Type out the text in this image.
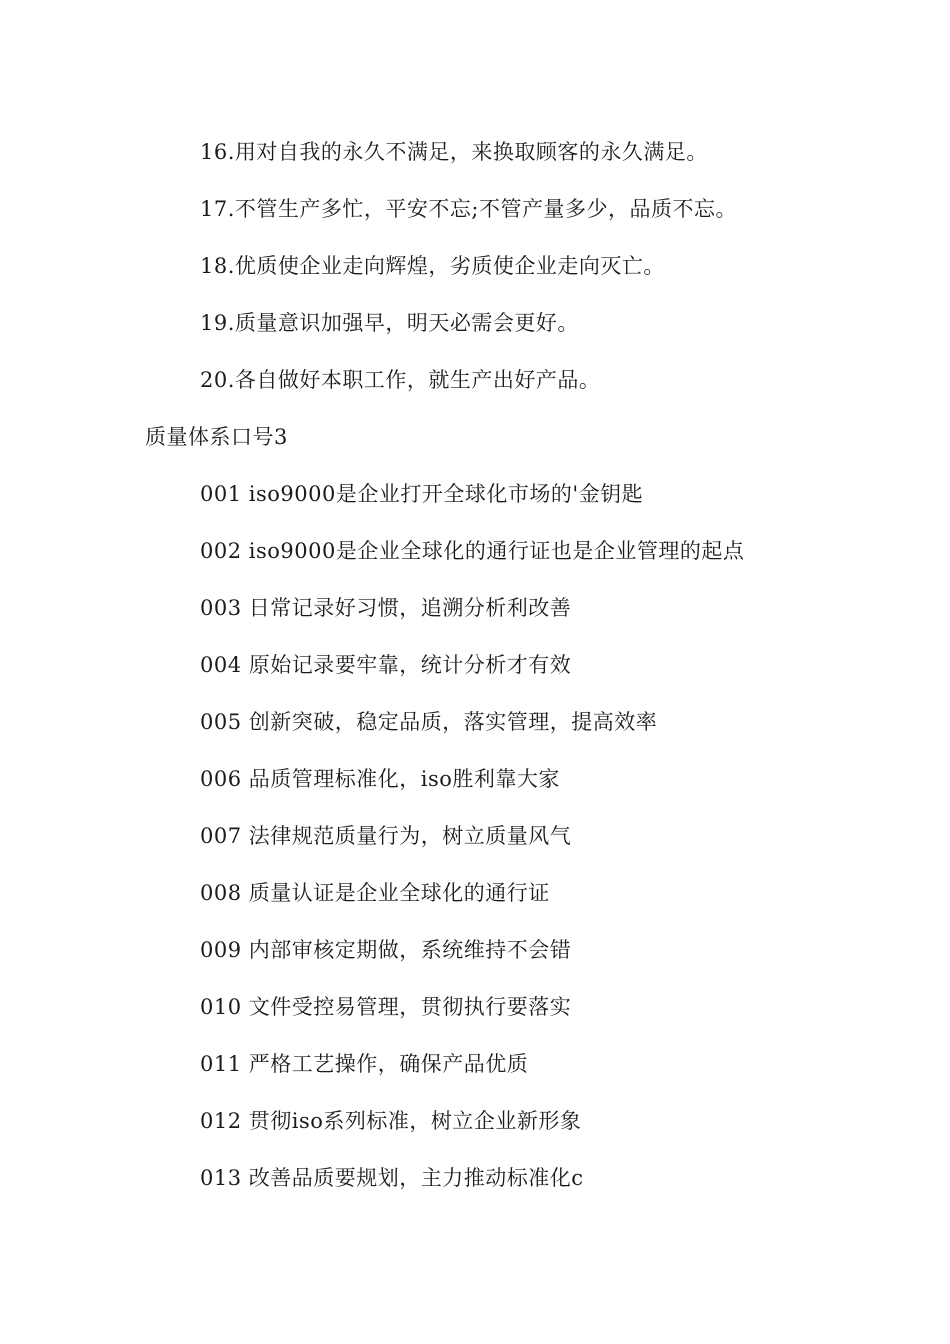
16.用对自我的永久不满足，来换取顾客的永久满足。
17.不管生产多忙，平安不忘;不管产量多少，品质不忘。
18.优质使企业走向辉煌，劣质使企业走向灭亡。
19.质量意识加强早，明天必需会更好。
20.各自做好本职工作，就生产出好产品。
质量体系口号3
001 iso9000是企业打开全球化市场的'金钥匙
002 iso9000是企业全球化的通行证也是企业管理的起点
003 日常记录好习惯，追溯分析利改善
004 原始记录要牢靠，统计分析才有效
005 创新突破，稳定品质，落实管理，提高效率
006 品质管理标准化，iso胜利靠大家
007 法律规范质量行为，树立质量风气
008 质量认证是企业全球化的通行证
009 内部审核定期做，系统维持不会错
010 文件受控易管理，贯彻执行要落实
011 严格工艺操作，确保产品优质
012 贯彻iso系列标准，树立企业新形象
013 改善品质要规划，主力推动标准化c
